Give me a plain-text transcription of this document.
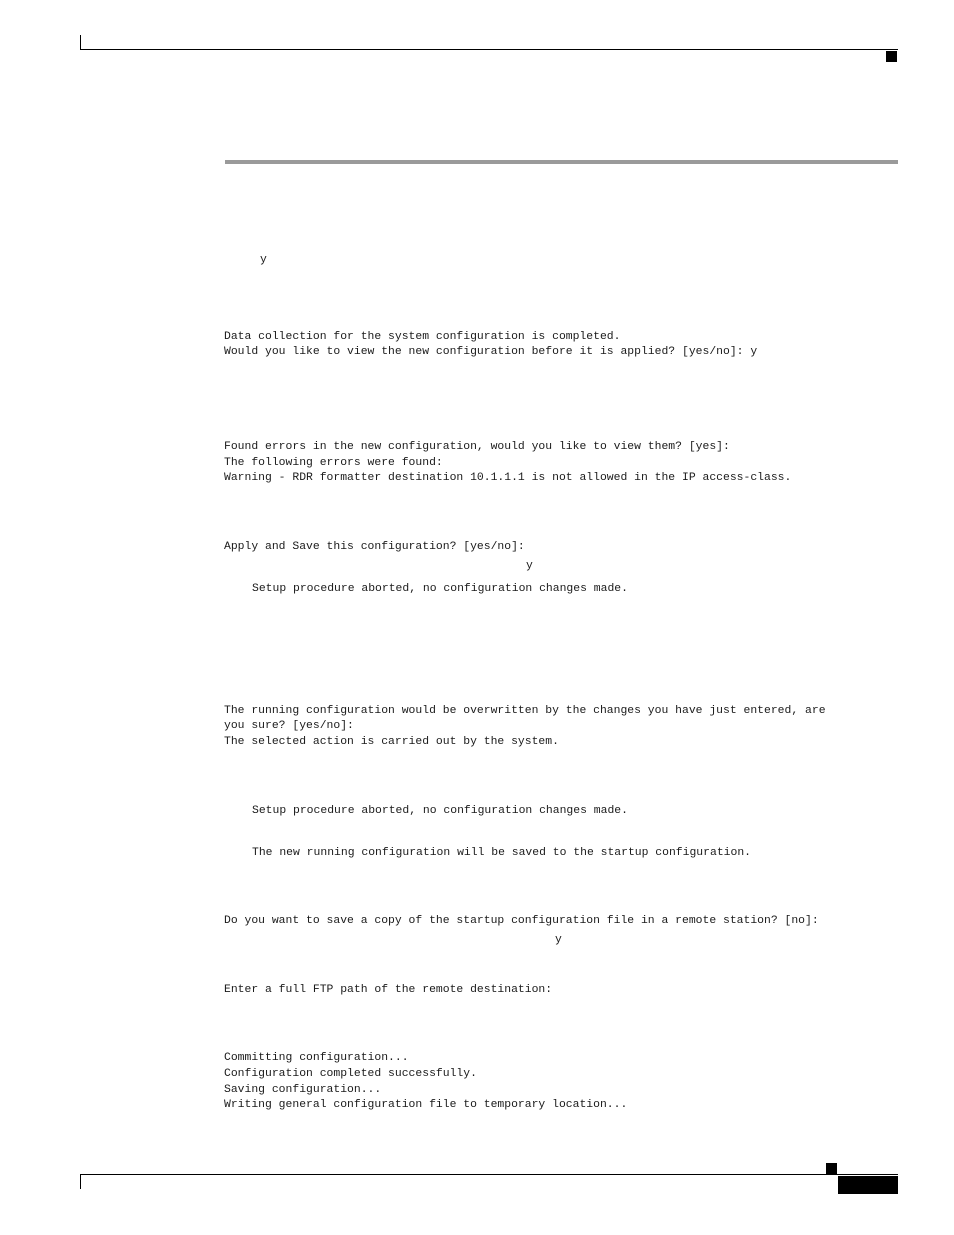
y
Data collection for the system configuration is completed.
Would you like to view the new configuration before it is applied? [yes/no]: y
Found errors in the new configuration, would you like to view them? [yes]:
The following errors were found:
Warning - RDR formatter destination 10.1.1.1 is not allowed in the IP access-class.
Apply and Save this configuration? [yes/no]:
y
Setup procedure aborted, no configuration changes made.
The running configuration would be overwritten by the changes you have just entered, are
you sure? [yes/no]:
The selected action is carried out by the system.
Setup procedure aborted, no configuration changes made.
The new running configuration will be saved to the startup configuration.
Do you want to save a copy of the startup configuration file in a remote station? [no]:
y
Enter a full FTP path of the remote destination:
Committing configuration...
Configuration completed successfully.
Saving configuration...
Writing general configuration file to temporary location...
